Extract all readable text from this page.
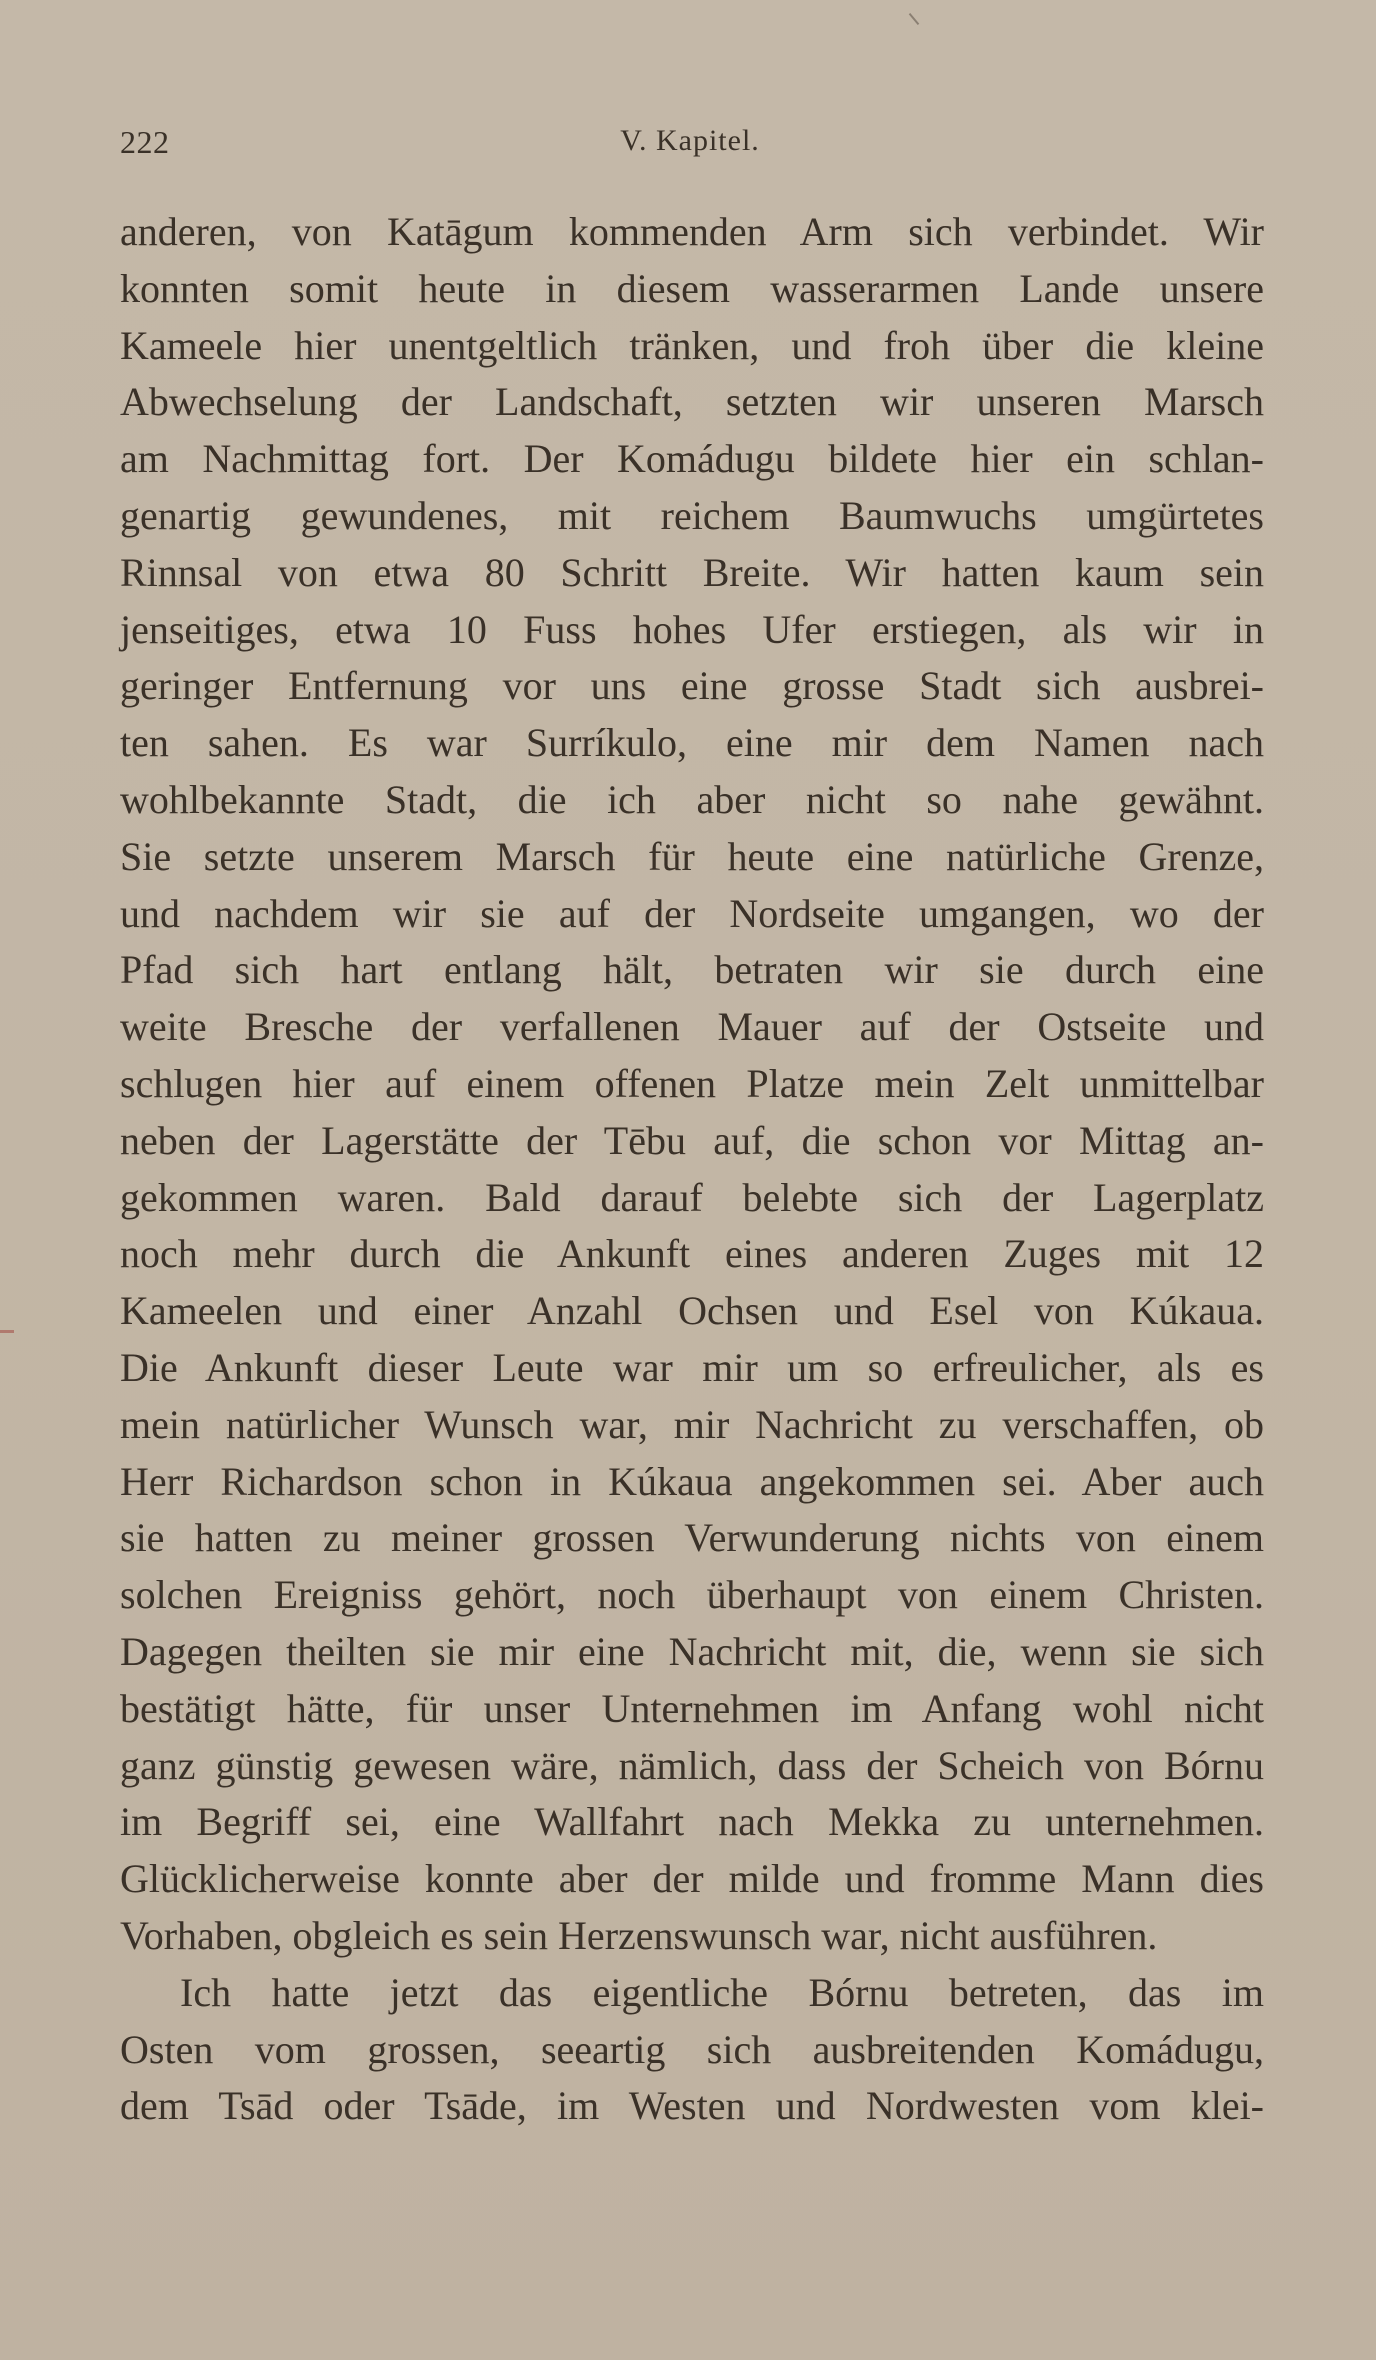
222	V. Kapitel.
anderen, von Katāgum kommenden Arm sich verbindet. Wir
konnten somit heute in diesem wasserarmen Lande unsere
Kameele hier unentgeltlich tränken, und froh über die kleine
Abwechselung der Landschaft, setzten wir unseren Marsch
am Nachmittag fort. Der Komádugu bildete hier ein schlan-
genartig gewundenes, mit reichem Baumwuchs umgürtetes
Rinnsal von etwa 80 Schritt Breite. Wir hatten kaum sein
jenseitiges, etwa 10 Fuss hohes Ufer erstiegen, als wir in
geringer Entfernung vor uns eine grosse Stadt sich ausbrei-
ten sahen. Es war Surríkulo, eine mir dem Namen nach
wohlbekannte Stadt, die ich aber nicht so nahe gewähnt.
Sie setzte unserem Marsch für heute eine natürliche Grenze,
und nachdem wir sie auf der Nordseite umgangen, wo der
Pfad sich hart entlang hält, betraten wir sie durch eine
weite Bresche der verfallenen Mauer auf der Ostseite und
schlugen hier auf einem offenen Platze mein Zelt unmittelbar
neben der Lagerstätte der Tēbu auf, die schon vor Mittag an-
gekommen waren. Bald darauf belebte sich der Lagerplatz
noch mehr durch die Ankunft eines anderen Zuges mit 12
Kameelen und einer Anzahl Ochsen und Esel von Kúkaua.
Die Ankunft dieser Leute war mir um so erfreulicher, als es
mein natürlicher Wunsch war, mir Nachricht zu verschaffen, ob
Herr Richardson schon in Kúkaua angekommen sei. Aber auch
sie hatten zu meiner grossen Verwunderung nichts von einem
solchen Ereigniss gehört, noch überhaupt von einem Christen.
Dagegen theilten sie mir eine Nachricht mit, die, wenn sie sich
bestätigt hätte, für unser Unternehmen im Anfang wohl nicht
ganz günstig gewesen wäre, nämlich, dass der Scheich von Bórnu
im Begriff sei, eine Wallfahrt nach Mekka zu unternehmen.
Glücklicherweise konnte aber der milde und fromme Mann dies
Vorhaben, obgleich es sein Herzenswunsch war, nicht ausführen.
Ich hatte jetzt das eigentliche Bórnu betreten, das im
Osten vom grossen, seeartig sich ausbreitenden Komádugu,
dem Tsād oder Tsāde, im Westen und Nordwesten vom klei-
